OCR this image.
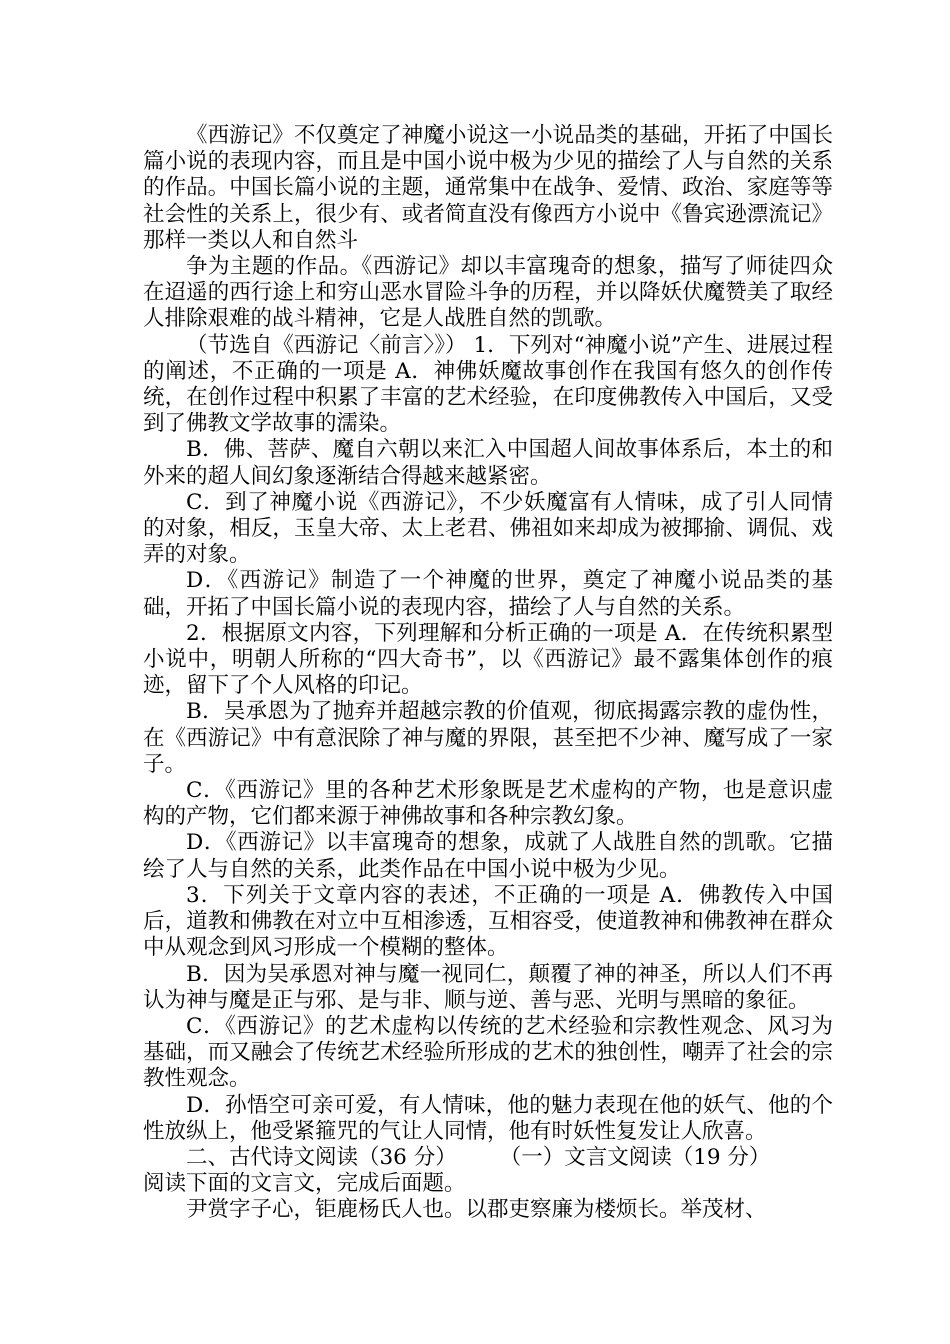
《西游记》不仅奠定了神魔小说这一小说品类的基础，开拓了中国长篇小说的表现内容，而且是中国小说中极为少见的描绘了人与自然的关系的作品。中国长篇小说的主题，通常集中在战争、爱情、政治、家庭等等社会性的关系上，很少有、或者简直没有像西方小说中《鲁宾逊漂流记》那样一类以人和自然斗

争为主题的作品。《西游记》却以丰富瑰奇的想象，描写了师徒四众在迢遥的西行途上和穷山恶水冒险斗争的历程，并以降妖伏魔赞美了取经人排除艰难的战斗精神，它是人战胜自然的凯歌。

（节选自《西游记〈前言〉》） 1．下列对“神魔小说”产生、进展过程的阐述，不正确的一项是 A．神佛妖魔故事创作在我国有悠久的创作传统，在创作过程中积累了丰富的艺术经验，在印度佛教传入中国后，又受到了佛教文学故事的濡染。

B．佛、菩萨、魔自六朝以来汇入中国超人间故事体系后，本土的和外来的超人间幻象逐渐结合得越来越紧密。

C．到了神魔小说《西游记》，不少妖魔富有人情味，成了引人同情的对象，相反，玉皇大帝、太上老君、佛祖如来却成为被揶揄、调侃、戏弄的对象。

D．《西游记》制造了一个神魔的世界，奠定了神魔小说品类的基础，开拓了中国长篇小说的表现内容，描绘了人与自然的关系。

2．根据原文内容，下列理解和分析正确的一项是 A．在传统积累型小说中，明朝人所称的“四大奇书”，以《西游记》最不露集体创作的痕迹，留下了个人风格的印记。

B．吴承恩为了抛弃并超越宗教的价值观，彻底揭露宗教的虚伪性，在《西游记》中有意泯除了神与魔的界限，甚至把不少神、魔写成了一家子。

C．《西游记》里的各种艺术形象既是艺术虚构的产物，也是意识虚构的产物，它们都来源于神佛故事和各种宗教幻象。

D．《西游记》以丰富瑰奇的想象，成就了人战胜自然的凯歌。它描绘了人与自然的关系，此类作品在中国小说中极为少见。

3．下列关于文章内容的表述，不正确的一项是 A．佛教传入中国后，道教和佛教在对立中互相渗透，互相容受，使道教神和佛教神在群众中从观念到风习形成一个模糊的整体。

B．因为吴承恩对神与魔一视同仁，颠覆了神的神圣，所以人们不再认为神与魔是正与邪、是与非、顺与逆、善与恶、光明与黑暗的象征。

C．《西游记》的艺术虚构以传统的艺术经验和宗教性观念、风习为基础，而又融会了传统艺术经验所形成的艺术的独创性，嘲弄了社会的宗教性观念。

D．孙悟空可亲可爱，有人情味，他的魅力表现在他的妖气、他的个性放纵上，他受紧箍咒的气让人同情，他有时妖性复发让人欣喜。

二、古代诗文阅读（36 分）　　　（一）文言文阅读（19 分）

阅读下面的文言文，完成后面题。

尹赏字子心，钜鹿杨氏人也。以郡吏察廉为楼烦长。举茂材、
